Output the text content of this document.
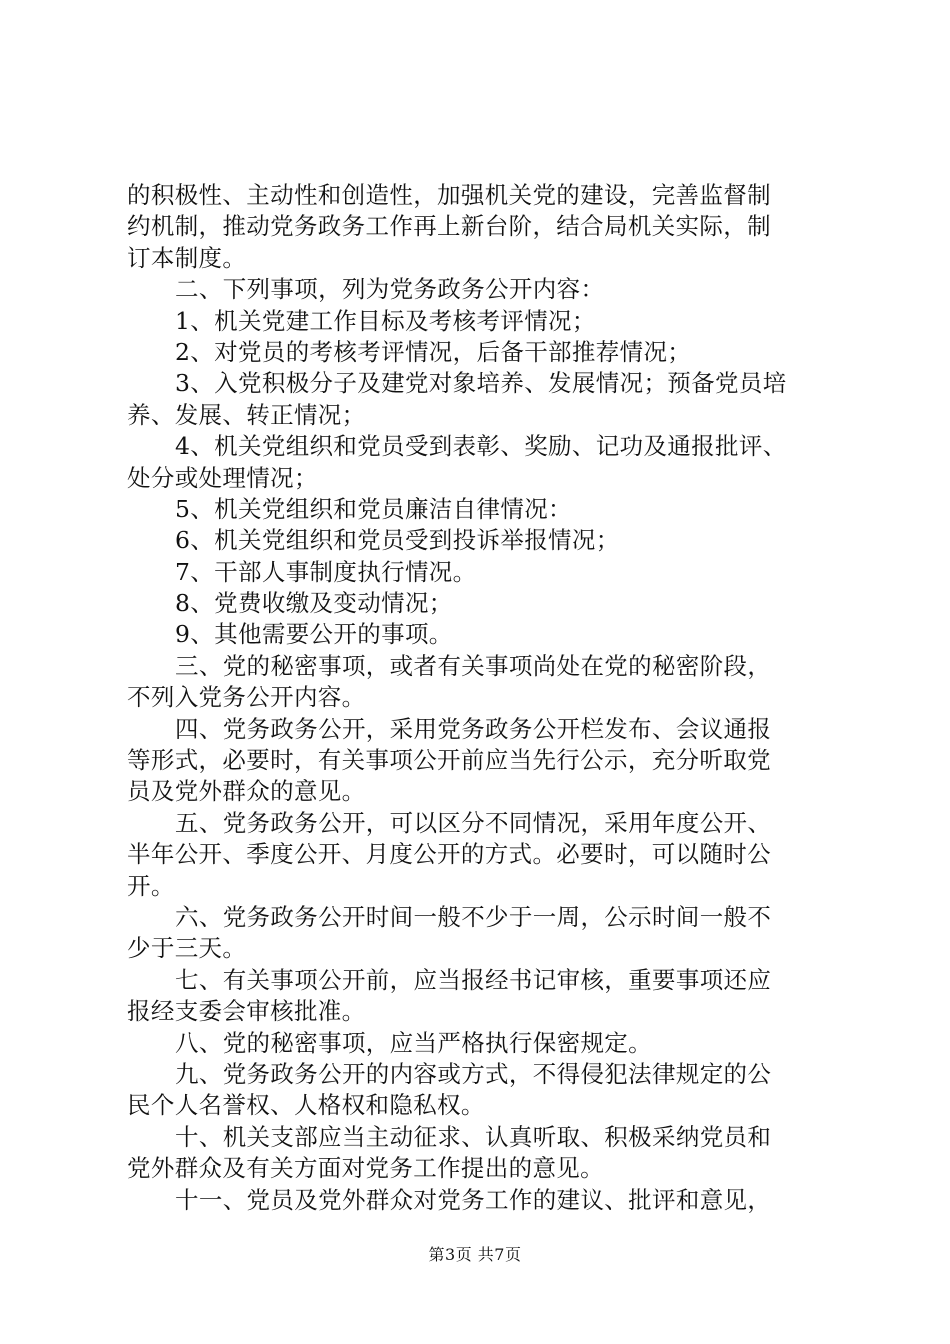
的积极性、主动性和创造性，加强机关党的建设，完善监督制
约机制，推动党务政务工作再上新台阶，结合局机关实际，制
订本制度。
二、下列事项，列为党务政务公开内容：
1、机关党建工作目标及考核考评情况；
2、对党员的考核考评情况，后备干部推荐情况；
3、入党积极分子及建党对象培养、发展情况；预备党员培
养、发展、转正情况；
4、机关党组织和党员受到表彰、奖励、记功及通报批评、
处分或处理情况；
5、机关党组织和党员廉洁自律情况：
6、机关党组织和党员受到投诉举报情况；
7、干部人事制度执行情况。
8、党费收缴及变动情况；
9、其他需要公开的事项。
三、党的秘密事项，或者有关事项尚处在党的秘密阶段，
不列入党务公开内容。
四、党务政务公开，采用党务政务公开栏发布、会议通报
等形式，必要时，有关事项公开前应当先行公示，充分听取党
员及党外群众的意见。
五、党务政务公开，可以区分不同情况，采用年度公开、
半年公开、季度公开、月度公开的方式。必要时，可以随时公
开。
六、党务政务公开时间一般不少于一周，公示时间一般不
少于三天。
七、有关事项公开前，应当报经书记审核，重要事项还应
报经支委会审核批准。
八、党的秘密事项，应当严格执行保密规定。
九、党务政务公开的内容或方式，不得侵犯法律规定的公
民个人名誉权、人格权和隐私权。
十、机关支部应当主动征求、认真听取、积极采纳党员和
党外群众及有关方面对党务工作提出的意见。
十一、党员及党外群众对党务工作的建议、批评和意见，
第3页 共7页
